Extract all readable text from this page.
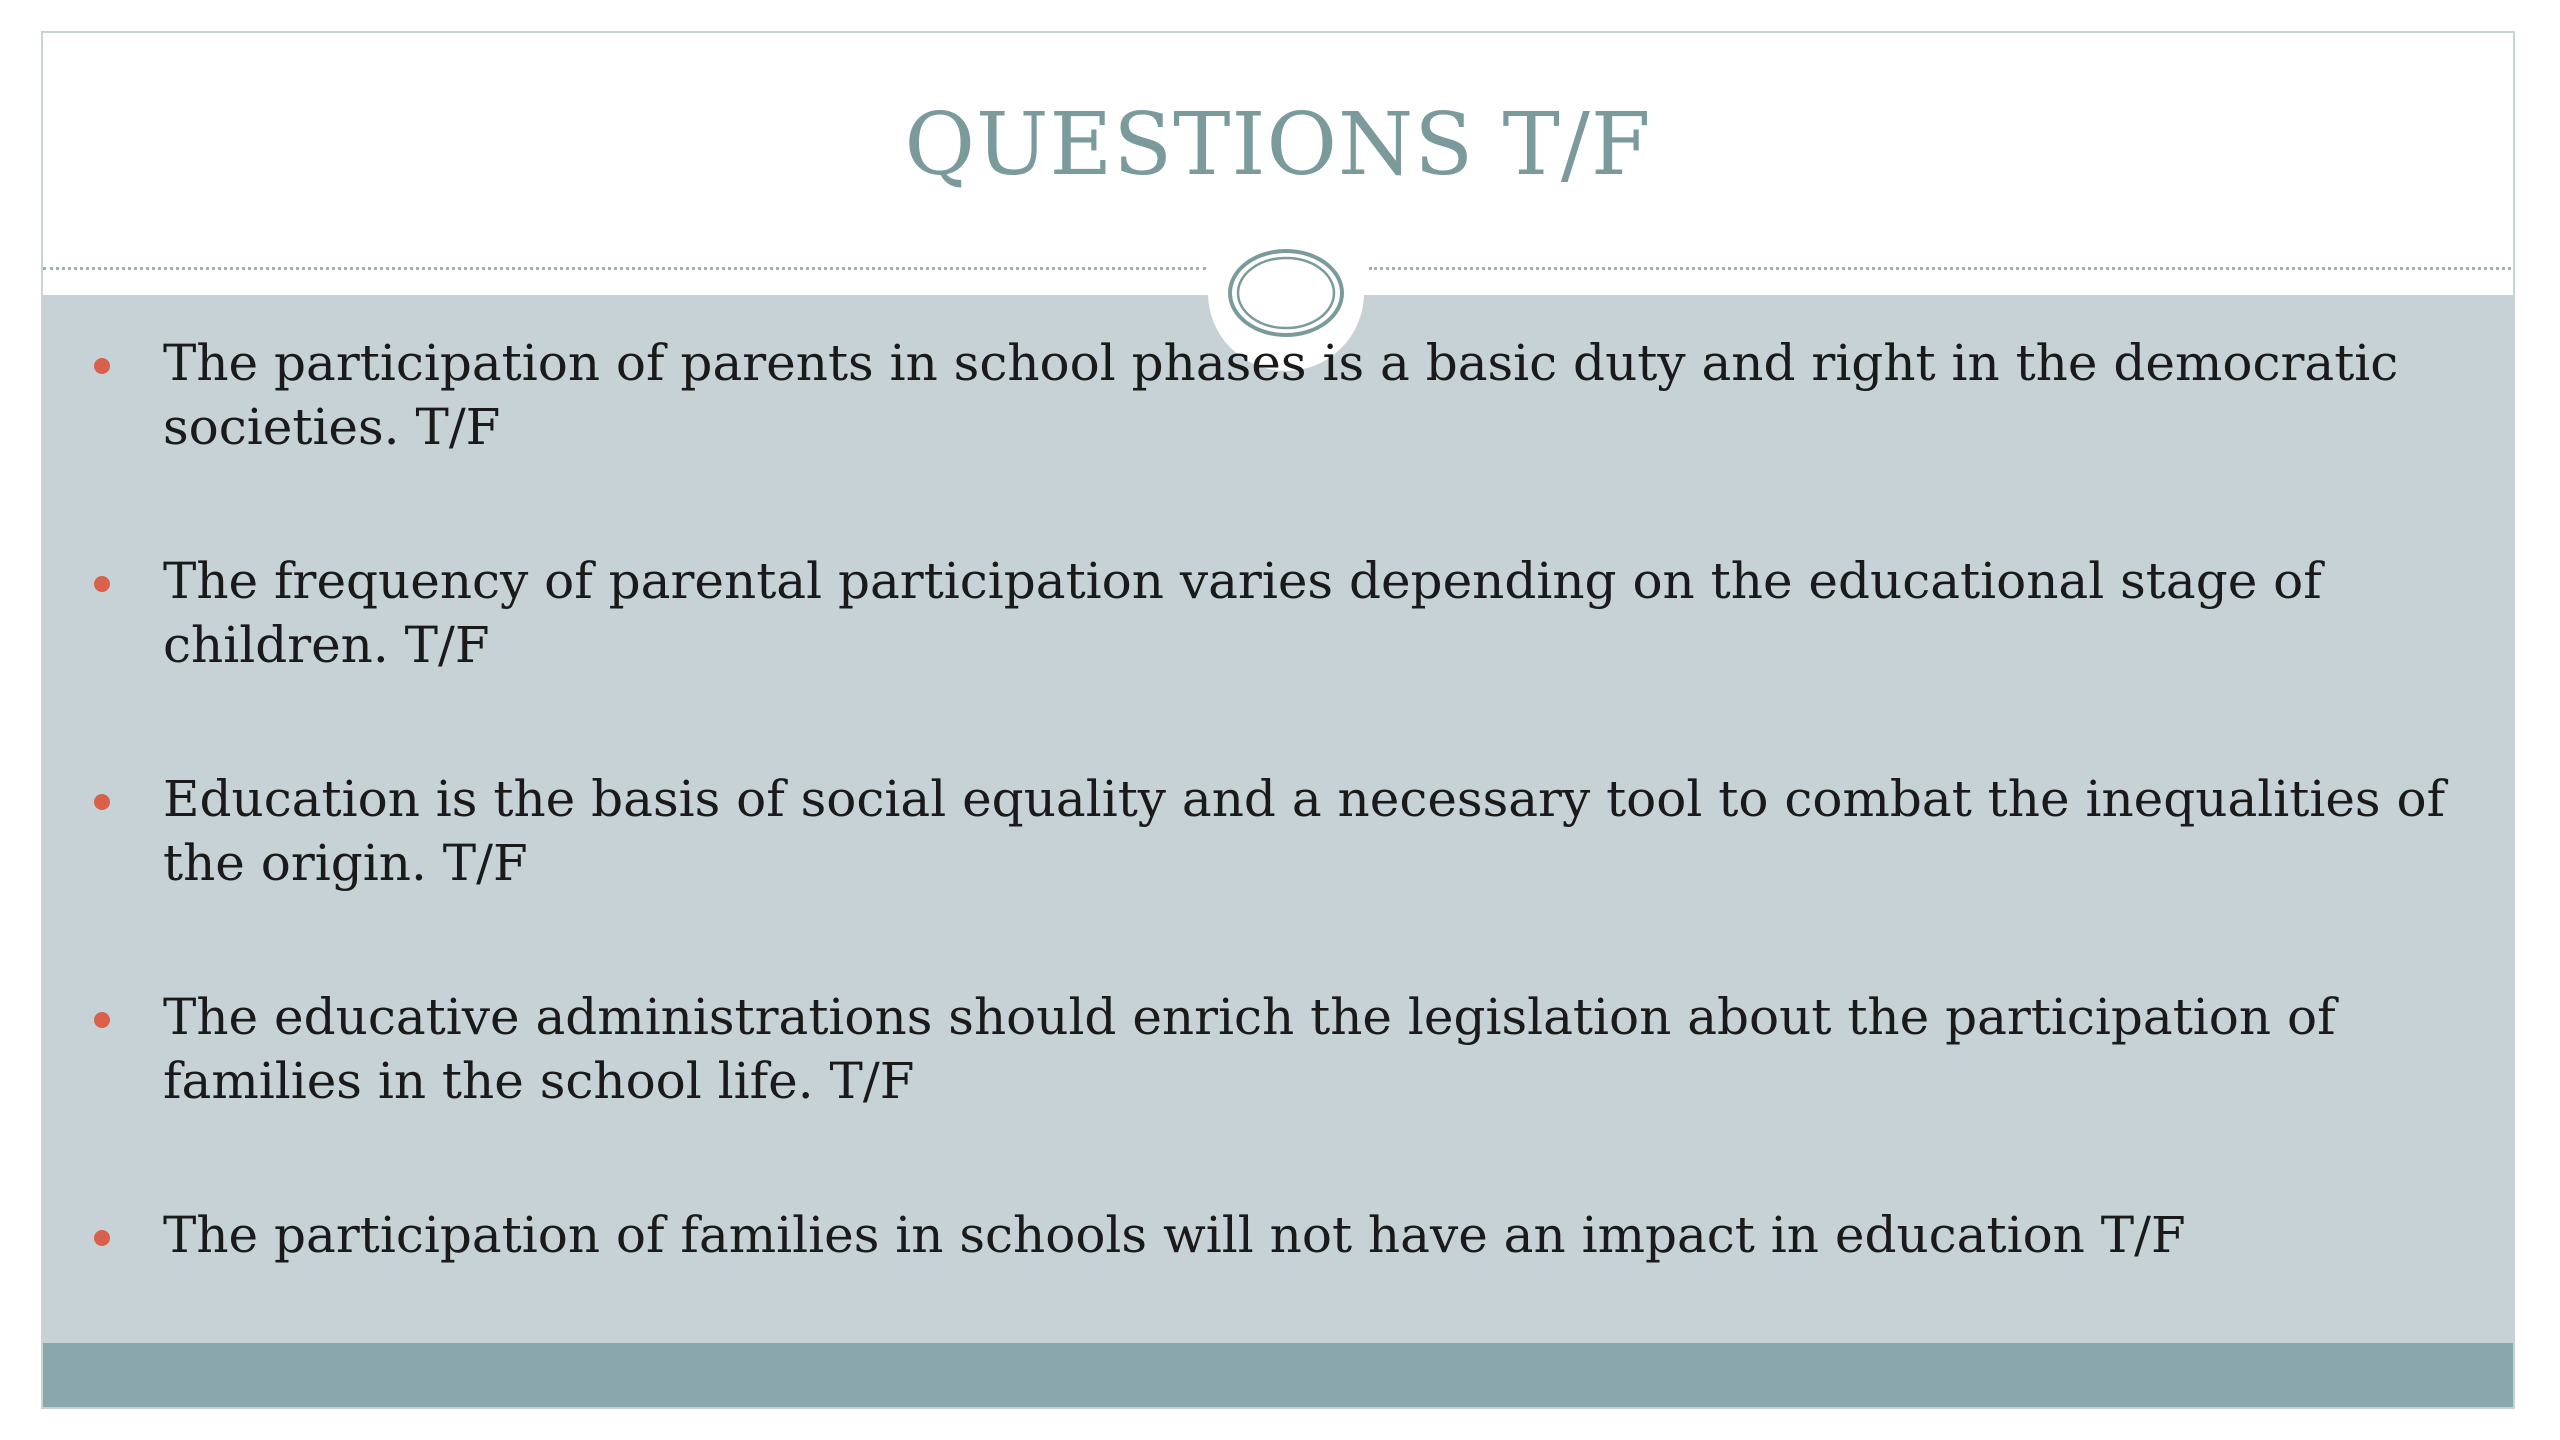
QUESTIONS T/F
The participation of parents in school phases is a basic duty and right in the democratic societies. T/F
The frequency of parental participation varies depending on the educational stage of children. T/F
Education is the basis of social equality and a necessary tool to combat the inequalities of the origin. T/F
The educative administrations should enrich the legislation about the participation of families in the school life. T/F
The participation of families in schools will not have an impact in education T/F
